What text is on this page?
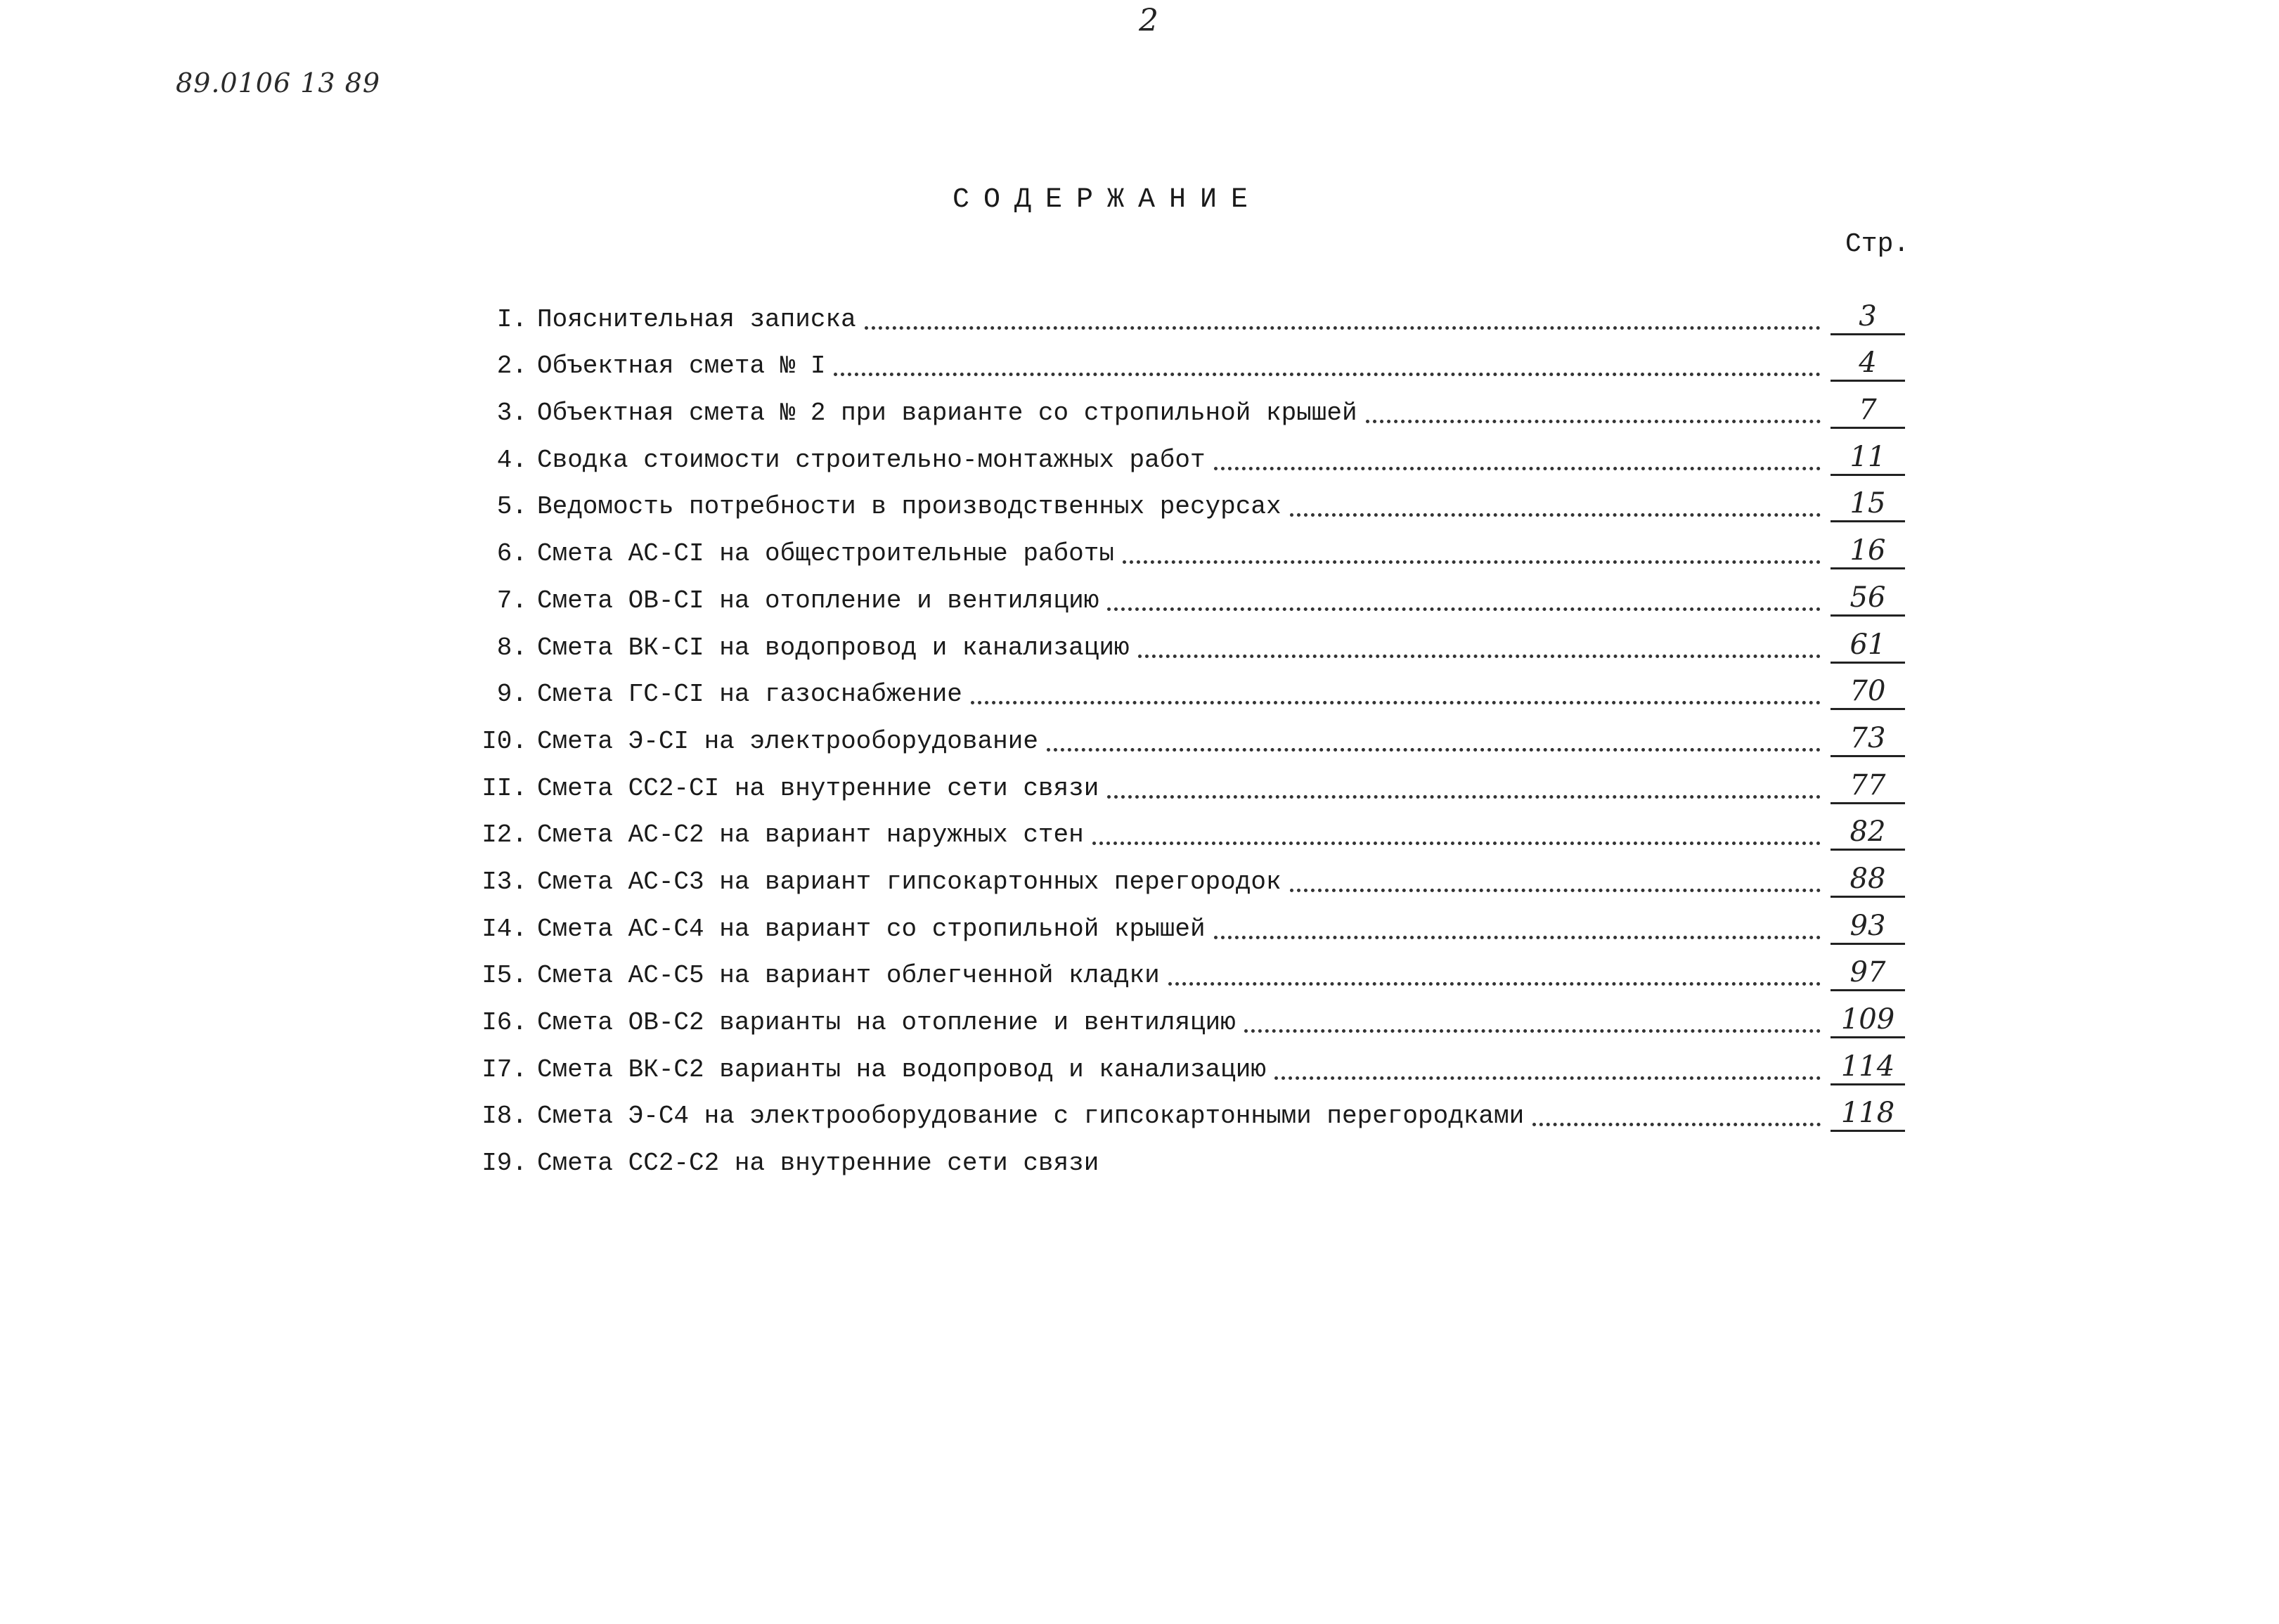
2
89.0106 13 89
СОДЕРЖАНИЕ
Стр.
I. Пояснительная записка	3
2. Объектная смета № I	4
3. Объектная смета № 2 при варианте со стропильной крышей	7
4. Сводка стоимости строительно-монтажных работ	11
5. Ведомость потребности в производственных ресурсах	15
6. Смета АС-СI на общестроительные работы	16
7. Смета ОВ-СI на отопление и вентиляцию	56
8. Смета ВК-СI на водопровод и канализацию	61
9. Смета ГС-СI на газоснабжение	70
I0. Смета Э-СI на электрооборудование	73
II. Смета СС2-СI на внутренние сети связи	77
I2. Смета АС-С2 на вариант наружных стен	82
I3. Смета АС-С3 на вариант гипсокартонных перегородок	88
I4. Смета АС-С4 на вариант со стропильной крышей	93
I5. Смета АС-С5 на вариант облегченной кладки	97
I6. Смета ОВ-С2 варианты на отопление и вентиляцию	109
I7. Смета ВК-С2 варианты на водопровод и канализацию	114
I8. Смета Э-С4 на электрооборудование с гипсокартонными перегородками	118
I9. Смета СС2-С2 на внутренние сети связи
